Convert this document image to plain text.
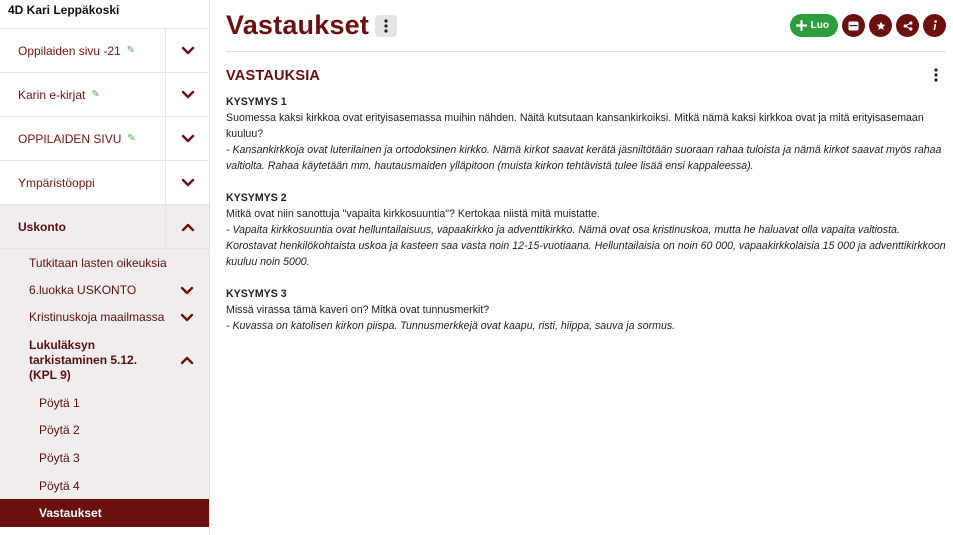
4D Kari Leppäkoski
Oppilaiden sivu -21 ✎
Karin e-kirjat ✎
OPPILAIDEN SIVU ✎
Ympäristöoppi
Uskonto
Tutkitaan lasten oikeuksia
6.luokka USKONTO
Kristinuskoja maailmassa
Lukuläksyn tarkistaminen 5.12. (KPL 9)
Pöytä 1
Pöytä 2
Pöytä 3
Pöytä 4
Vastaukset
Vastaukset	Luo
VASTAUKSIA
KYSYMYS 1
Suomessa kaksi kirkkoa ovat erityisasemassa muihin nähden. Näitä kutsutaan kansankirkoiksi. Mitkä nämä kaksi kirkkoa ovat ja mitä erityisasemaan kuuluu?
- Kansankirkkoja ovat luterilainen ja ortodoksinen kirkko. Nämä kirkot saavat kerätä jäsniltötään suoraan rahaa tuloista ja nämä kirkot saavat myös rahaa valtiolta. Rahaa käytetään mm. hautausmaiden ylläpitoon (muista kirkon tehtävistä tulee lisää ensi kappaleessa).
KYSYMYS 2
Mitkä ovat niin sanottuja "vapaita kirkkosuuntia"? Kertokaa niistä mitä muistatte.
- Vapaita kirkkosuuntia ovat helluntailaisuus, vapaakirkko ja adventtikirkko. Nämä ovat osa kristinuskoa, mutta he haluavat olla vapaita valtiosta. Korostavat henkilökohtaista uskoa ja kasteen saa vasta noin 12-15-vuotiaana. Helluntailaisia on noin 60 000, vapaakirkkolaisia 15 000 ja adventtikirkkoon kuuluu noin 5000.
KYSYMYS 3
Missä virassa tämä kaveri on? Mitkä ovat tunnusmerkit?
- Kuvassa on katolisen kirkon piispa. Tunnusmerkkejä ovat kaapu, risti, hiippa, sauva ja sormus.
